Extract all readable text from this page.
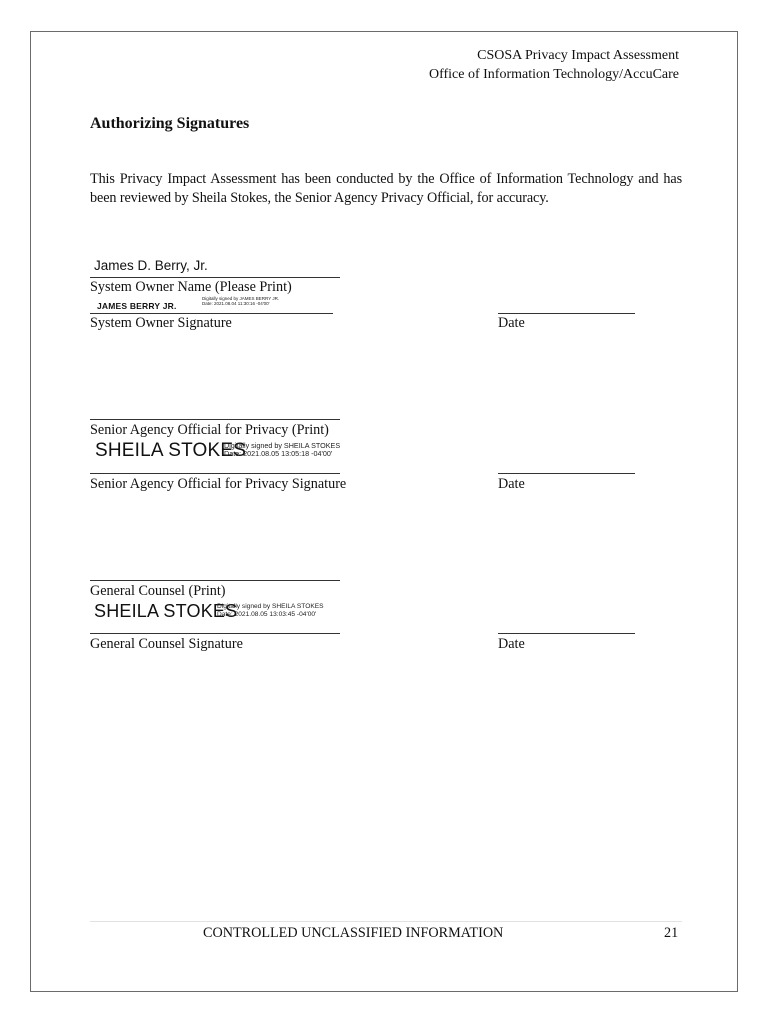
CSOSA Privacy Impact Assessment
Office of Information Technology/AccuCare
Authorizing Signatures
This Privacy Impact Assessment has been conducted by the Office of Information Technology and has been reviewed by Sheila Stokes, the Senior Agency Privacy Official, for accuracy.
James D. Berry, Jr.
System Owner Name (Please Print)
JAMES BERRY JR.
Digitally signed by JAMES BERRY JR.
Date: 2021.08.04 11:30:16 -04'00'
System Owner Signature	Date
Senior Agency Official for Privacy (Print)
SHEILA STOKES
Digitally signed by SHEILA STOKES
Date: 2021.08.05 13:05:18 -04'00'
Senior Agency Official for Privacy Signature	Date
General Counsel (Print)
SHEILA STOKES
Digitally signed by SHEILA STOKES
Date: 2021.08.05 13:03:45 -04'00'
General Counsel Signature	Date
CONTROLLED UNCLASSIFIED INFORMATION	21
